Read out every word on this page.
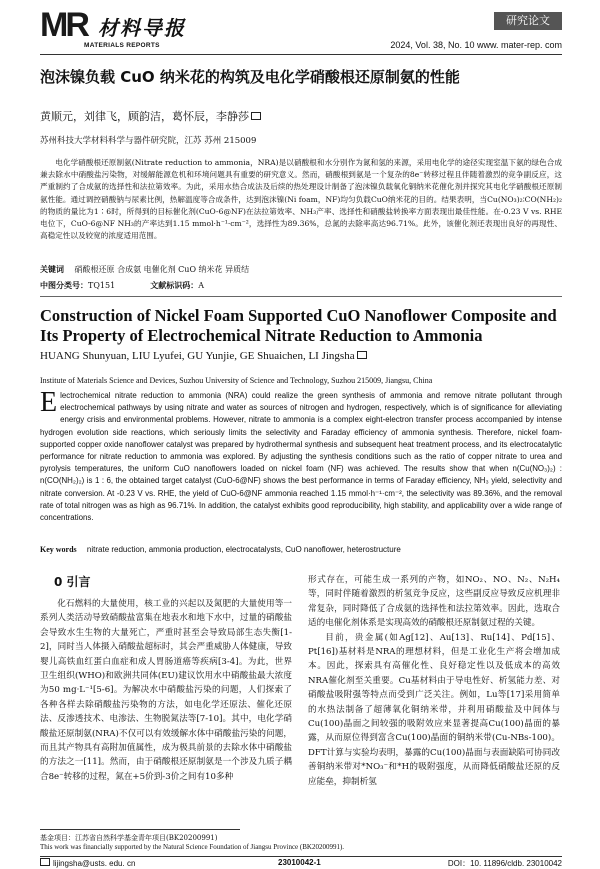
MR 材料导报
MATERIALS REPORTS
研究论文
2024, Vol. 38, No. 10 www. mater-rep. com
泡沫镍负载 CuO 纳米花的构筑及电化学硝酸根还原制氨的性能
黄顺元，刘律飞，顾韵洁，葛怀辰，李静莎
苏州科技大学材料科学与器件研究院，江苏 苏州 215009

电化学硝酸根还原制氨(Nitrate reduction to ammonia，NRA)是以硝酸根和水分别作为氮和氢的来源，采用电化学的途径实现室温下氨的绿色合成兼去除水中硝酸盐污染物，对缓解能源危机和环境问题具有重要的研究意义。然而，硝酸根到氨是一个复杂的8e⁻转移过程且伴随着激烈的竞争副反应，这严重制约了合成氨的选择性和法拉第效率。为此，采用水热合成法及后续的热处理设计制备了泡沫镍负载氧化铜纳米花催化剂并探究其电化学硝酸根还原制氨性能。通过调控硝酸钠与尿素比例，热解温度等合成条件，达到泡沫镍(Ni foam，NF)均匀负载CuO纳米花的目的。结果表明，当Cu(NO₃)₂∶CO(NH₂)₂的物质的量比为1∶6时，所得到的目标催化剂(CuO-6@NF)在法拉第效率、NH₃产率、选择性和硝酸盐转换率方面表现出最佳性能。在-0.23 V vs. RHE 电位下，CuO-6@NF NH₃的产率达到1.15 mmol·h⁻¹·cm⁻²，选择性为89.36%，总氮的去除率高达96.71%。此外，该催化剂还表现出良好的再现性、高稳定性以及较宽的浓度适用范围。

关键词 硝酸根还原 合成氨 电催化剂 CuO 纳米花 异质结
中图分类号：TQ151	文献标识码：A
Construction of Nickel Foam Supported CuO Nanoflower Composite and Its Property of Electrochemical Nitrate Reduction to Ammonia
HUANG Shunyuan, LIU Lyufei, GU Yunjie, GE Shuaichen, LI Jingsha
Institute of Materials Science and Devices, Suzhou University of Science and Technology, Suzhou 215009, Jiangsu, China

Electrochemical nitrate reduction to ammonia (NRA) could realize the green synthesis of ammonia and remove nitrate pollutant through electrochemical pathways by using nitrate and water as sources of nitrogen and hydrogen, respectively, which is of significance for alleviating energy crisis and environmental problems. However, nitrate to ammonia is a complex eight-electron transfer process accompanied by intense hydrogen evolution side reactions, which seriously limits the selectivity and Faraday efficiency of ammonia synthesis. Therefore, nickel foam-supported copper oxide nanoflower catalyst was prepared by hydrothermal synthesis and subsequent heat treatment process, and its electrocatalytic performance for nitrate reduction to ammonia was explored. By adjusting the synthesis conditions such as the ratio of copper nitrate to urea and pyrolysis temperatures, the uniform CuO nanoflowers loaded on nickel foam (NF) was achieved. The results show that when n(Cu(NO₃)₂) : n(CO(NH₂)₂) is 1 : 6, the obtained target catalyst (CuO-6@NF) shows the best performance in terms of Faraday efficiency, NH₃ yield, selectivity and nitrate conversion. At -0.23 V vs. RHE, the yield of CuO-6@NF ammonia reached 1.15 mmol·h⁻¹·cm⁻², the selectivity was 89.36%, and the removal rate of total nitrogen was as high as 96.71%. In addition, the catalyst exhibits good reproducibility, high stability, and applicability over a wide range of concentrations.

Key words nitrate reduction, ammonia production, electrocatalysts, CuO nanoflower, heterostructure
0 引言

化石燃料的大量使用，核工业的兴起以及氮肥的大量使用等一系列人类活动导致硝酸盐富集在地表水和地下水中，过量的硝酸盐会导致水生生物的大量死亡，严重时甚至会导致局部生态失衡[1-2]，同时当人体摄入硝酸盐超标时，其会严重威胁人体健康，导致婴儿高铁血红蛋白血症和成人胃肠道癌等疾病[3-4]。为此，世界卫生组织(WHO)和欧洲共同体(EU)建议饮用水中硝酸盐最大浓度为50 mg·L⁻¹[5-6]。为解决水中硝酸盐污染的问题，人们探索了各种各样去除硝酸盐污染物的方法，如电化学还原法、催化还原法、反渗透技术、电渗法、生物脱氮法等[7-10]。其中，电化学硝酸盐还原制氨(NRA)不仅可以有效缓解水体中硝酸盐污染的问题，而且其产物具有高附加值属性，成为极具前景的去除水体中硝酸盐的方法之一[11]。然而，由于硝酸根还原制氨是一个涉及九质子耦合8e⁻转移的过程，氮在+5价到-3价之间有10多种

形式存在，可能生成一系列的产物，如NO₂、NO、N₂、N₂H₄等，同时伴随着激烈的析氢竞争反应，这些副反应导致反应机理非常复杂，同时降低了合成氨的选择性和法拉第效率。因此，选取合适的电催化剂体系是实现高效的硝酸根还原制氨过程的关键。

目前，贵金属(如Ag[12]、Au[13]、Ru[14]、Pd[15]、Pt[16])基材料是NRA的理想材料，但是工业化生产将会增加成本。因此，探索具有高催化性、良好稳定性以及低成本的高效NRA催化剂至关重要。Cu基材料由于导电性好、析氢能力差、对硝酸盐吸附强等特点而受到广泛关注。例如，Lu等[17]采用简单的水热法制备了超薄氧化铜纳米带，并利用硝酸盐及中间体与Cu(100)晶面之间较强的吸附效应来显著提高Cu(100)晶面的暴露，从而原位得到富含Cu(100)晶面的铜纳米带(Cu-NBs-100)。DFT计算与实验均表明，暴露的Cu(100)晶面与表面缺陷可协同改善铜纳米带对*NO₃⁻和*H的吸附强度，从而降低硝酸盐还原的反应能垒，抑制析氢

基金项目：江苏省自然科学基金青年项目(BK20200991)
This work was financially supported by the Natural Science Foundation of Jiangsu Province (BK20200991).
lijingsha@usts. edu. cn	23010042-1	DOI：10. 11896/cldb. 23010042
